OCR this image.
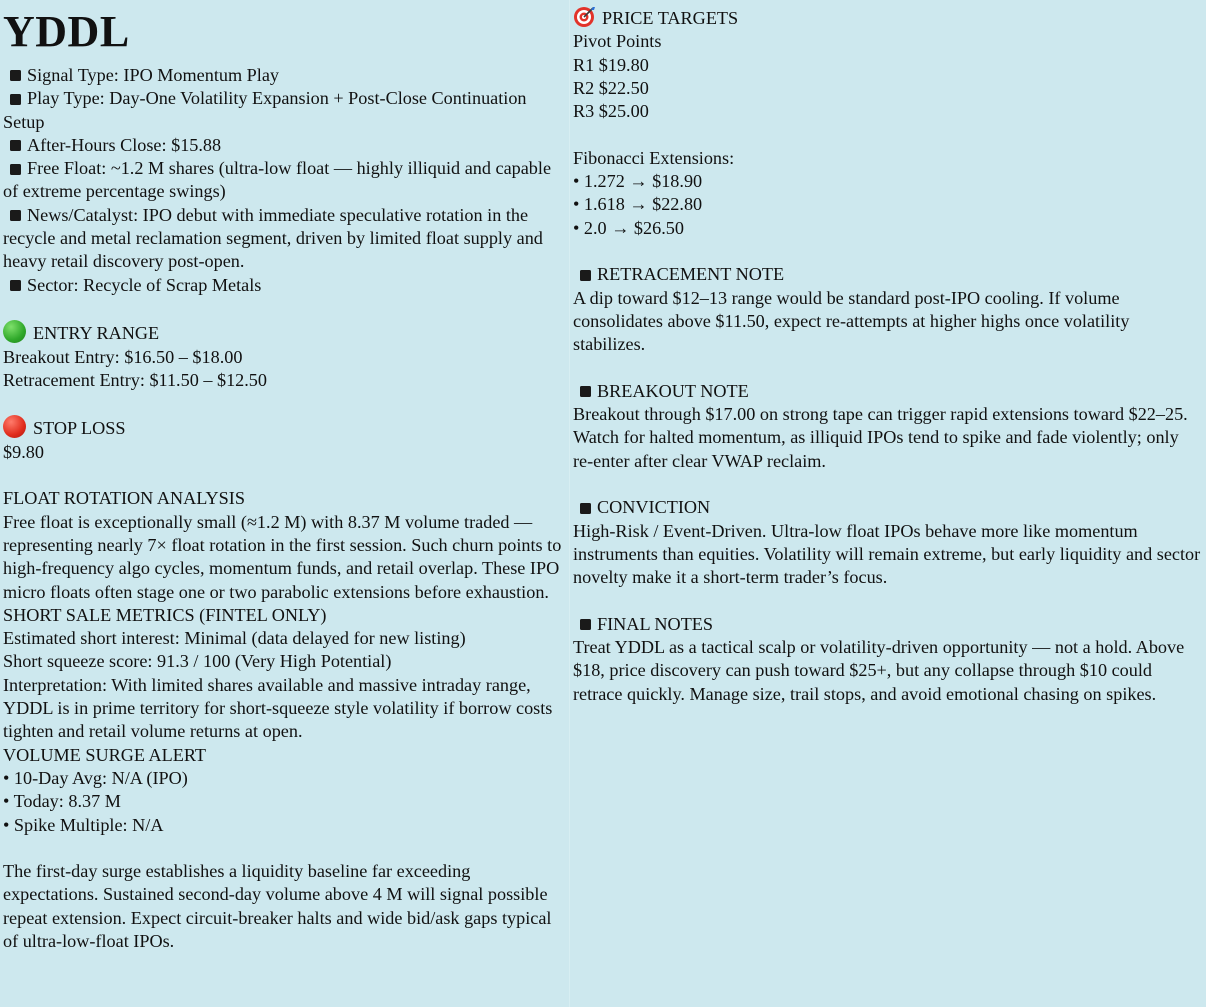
YDDL

Signal Type: IPO Momentum Play

Play Type: Day-One Volatility Expansion + Post-Close Continuation Setup

After-Hours Close: $15.88

Free Float: ~1.2 M shares (ultra-low float — highly illiquid and capable of extreme percentage swings)

News/Catalyst: IPO debut with immediate speculative rotation in the recycle and metal reclamation segment, driven by limited float supply and heavy retail discovery post-open.

Sector: Recycle of Scrap Metals

ENTRY RANGE
Breakout Entry: $16.50 – $18.00
Retracement Entry: $11.50 – $12.50
STOP LOSS
$9.80
FLOAT ROTATION ANALYSIS

Free float is exceptionally small (≈1.2 M) with 8.37 M volume traded — representing nearly 7× float rotation in the first session. Such churn points to high-frequency algo cycles, momentum funds, and retail overlap. These IPO micro floats often stage one or two parabolic extensions before exhaustion.

SHORT SALE METRICS (FINTEL ONLY)
Estimated short interest: Minimal (data delayed for new listing)
Short squeeze score: 91.3 / 100 (Very High Potential)

Interpretation: With limited shares available and massive intraday range, YDDL is in prime territory for short-squeeze style volatility if borrow costs tighten and retail volume returns at open.

VOLUME SURGE ALERT
• 10-Day Avg: N/A (IPO)
• Today: 8.37 M
• Spike Multiple: N/A

The first-day surge establishes a liquidity baseline far exceeding expectations. Sustained second-day volume above 4 M will signal possible repeat extension. Expect circuit-breaker halts and wide bid/ask gaps typical of ultra-low-float IPOs.

PRICE TARGETS
Pivot Points
R1 $19.80
R2 $22.50
R3 $25.00
Fibonacci Extensions:
• 1.272 → $18.90
• 1.618 → $22.80
• 2.0 → $26.50
RETRACEMENT NOTE

A dip toward $12–13 range would be standard post-IPO cooling. If volume consolidates above $11.50, expect re-attempts at higher highs once volatility stabilizes.

BREAKOUT NOTE

Breakout through $17.00 on strong tape can trigger rapid extensions toward $22–25. Watch for halted momentum, as illiquid IPOs tend to spike and fade violently; only re-enter after clear VWAP reclaim.

CONVICTION

High-Risk / Event-Driven. Ultra-low float IPOs behave more like momentum instruments than equities. Volatility will remain extreme, but early liquidity and sector novelty make it a short-term trader’s focus.

FINAL NOTES

Treat YDDL as a tactical scalp or volatility-driven opportunity — not a hold. Above $18, price discovery can push toward $25+, but any collapse through $10 could retrace quickly. Manage size, trail stops, and avoid emotional chasing on spikes.
